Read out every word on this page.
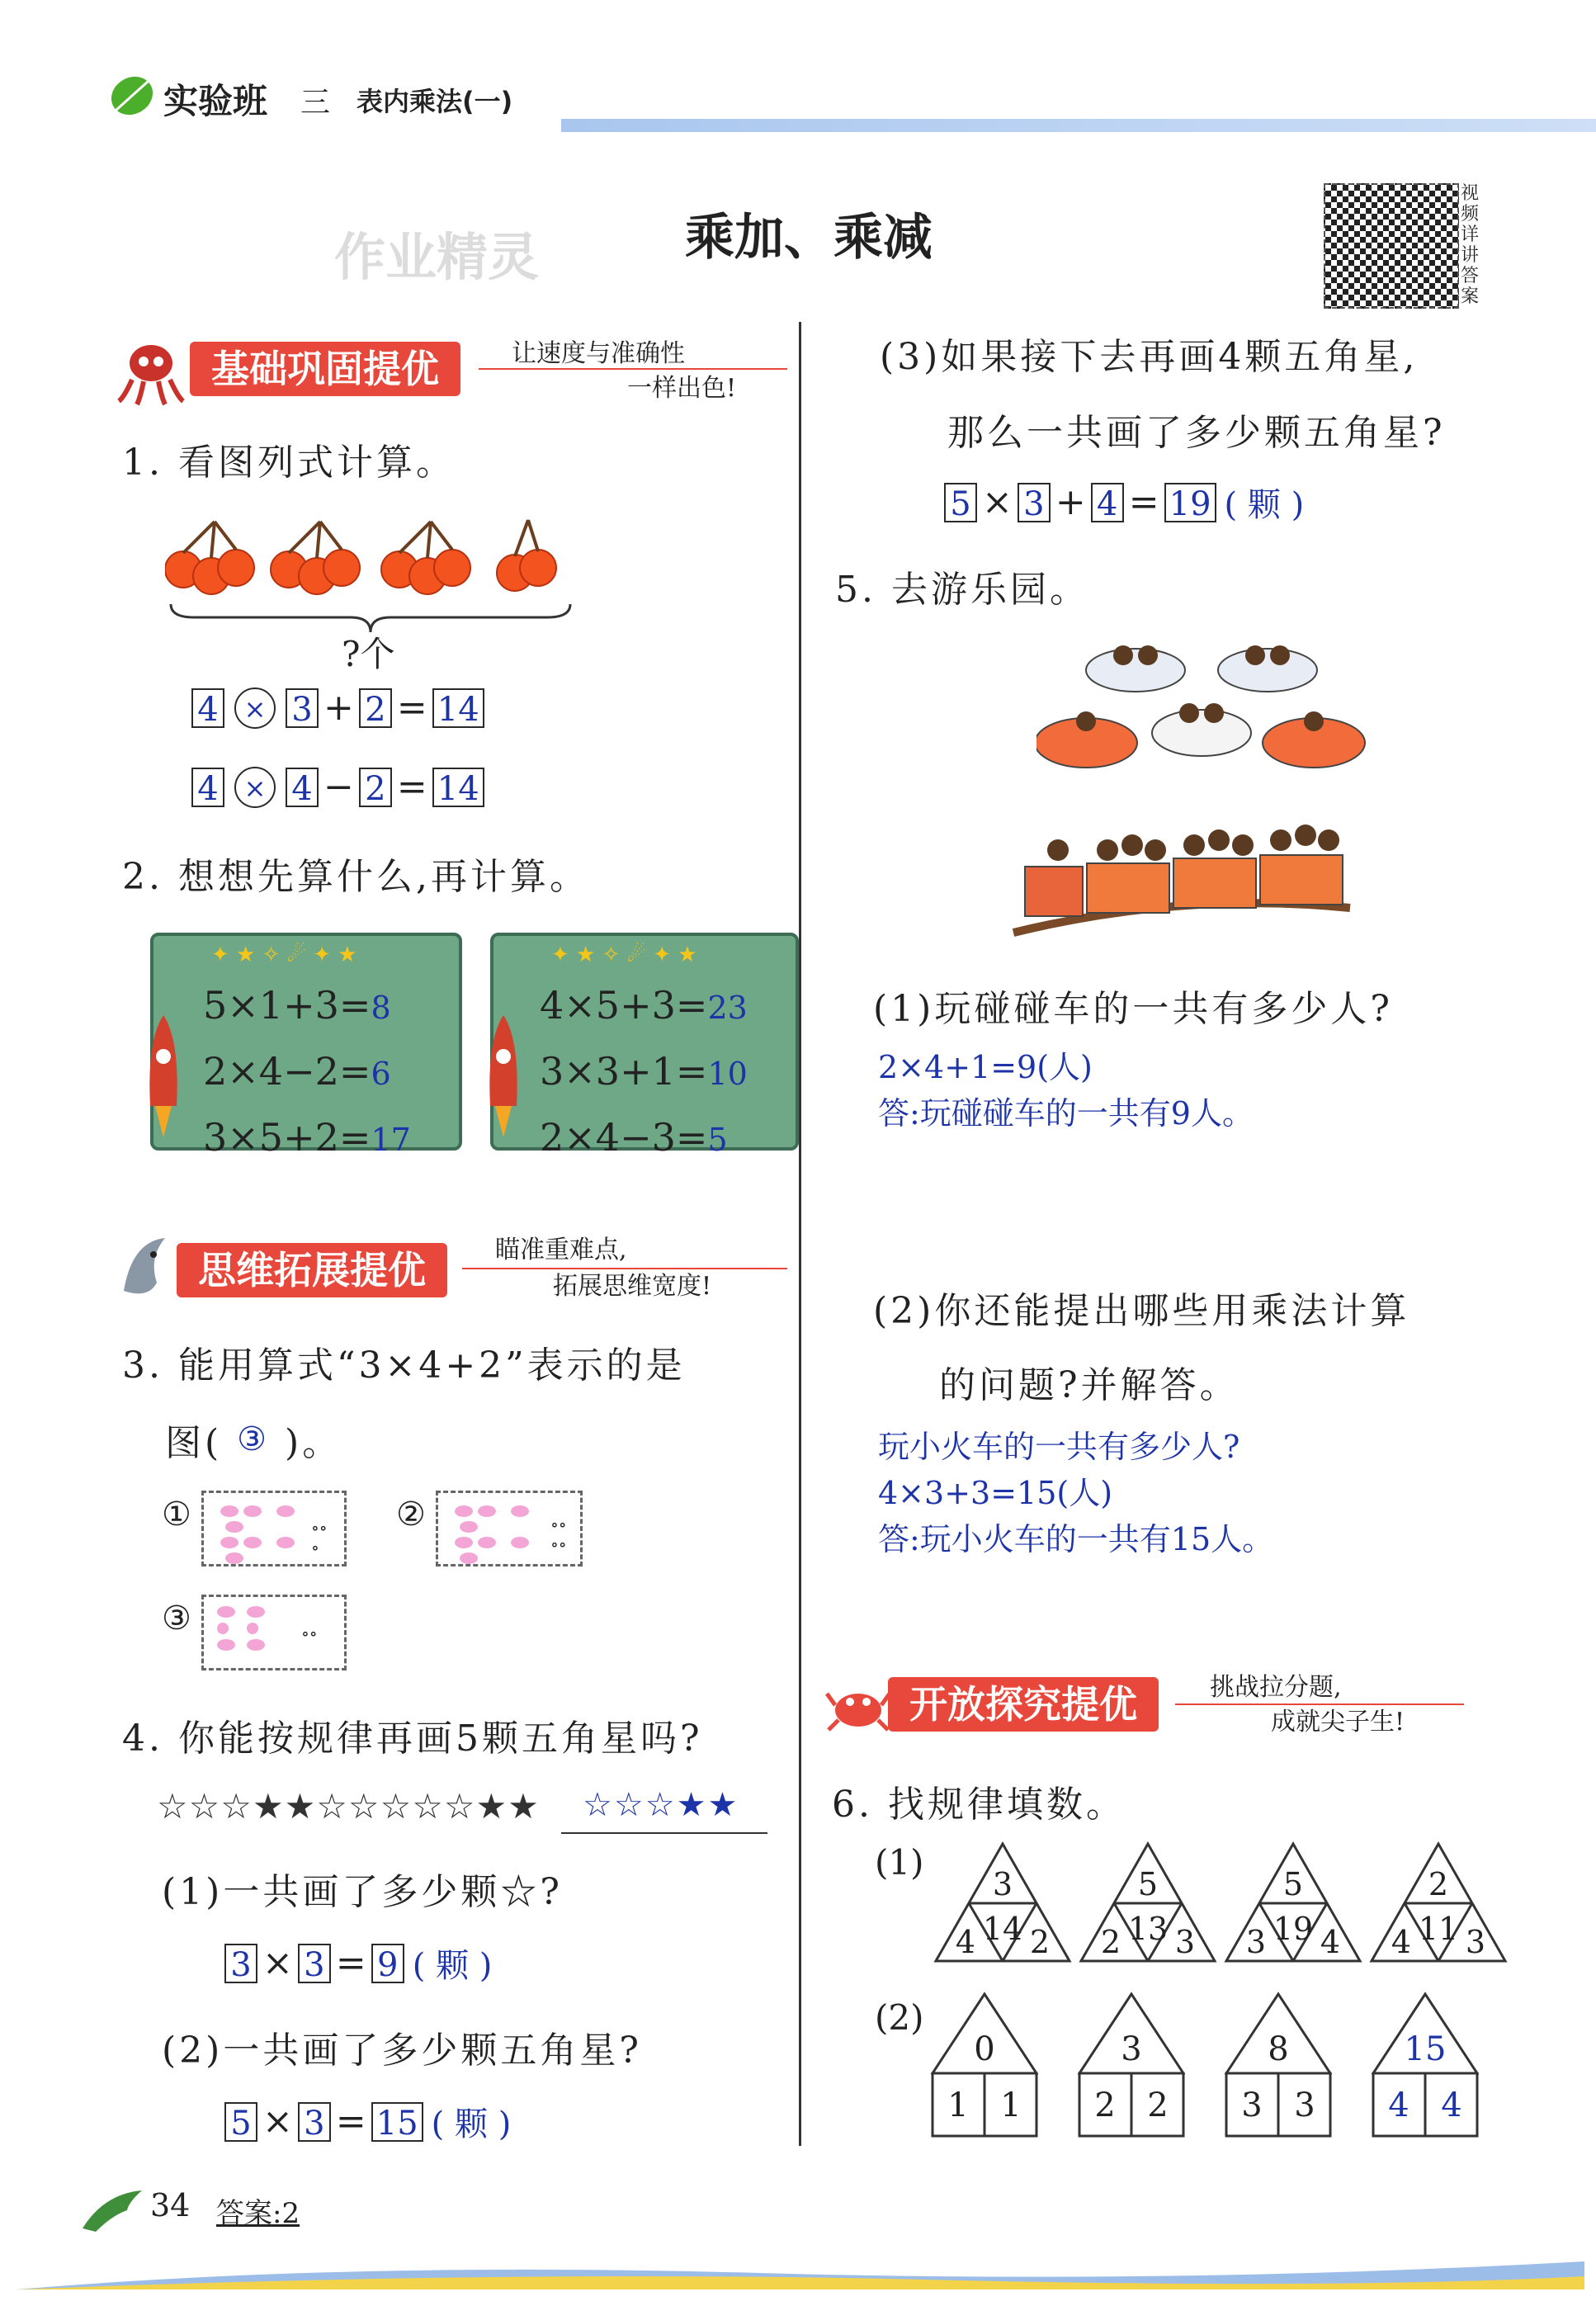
实验班 三 表内乘法(一)
乘加、乘减
作业精灵
视频详讲答案
基础巩固提优	让速度与准确性
一样出色!
1. 看图列式计算。
?个
4 × 3 + 2 = 14
4 × 4 − 2 = 14
2. 想想先算什么,再计算。
✦ ★ ✧ ☄ ✦ ★
5×1+3=8
2×4−2=6
3×5+2=17
✦ ★ ✧ ☄ ✦ ★
4×5+3=23
3×3+1=10
2×4−3=5
思维拓展提优	瞄准重难点,
拓展思维宽度!
3. 能用算式“3×4+2”表示的是
图( ③ )。
①	∘∘
∘
②	∘∘
∘∘
③	∘∘
4. 你能按规律再画5颗五角星吗?
☆☆☆★★☆☆☆☆☆★★ ☆☆☆★★
(1)一共画了多少颗☆?
3 × 3 = 9 ( 颗 )
(2)一共画了多少颗五角星?
5 × 3 = 15 ( 颗 )
(3)如果接下去再画4颗五角星,
那么一共画了多少颗五角星?
5 × 3 + 4 = 19 ( 颗 )
5. 去游乐园。
(1)玩碰碰车的一共有多少人?
2×4+1=9(人)
答:玩碰碰车的一共有9人。
(2)你还能提出哪些用乘法计算
的问题?并解答。
玩小火车的一共有多少人?
4×3+3=15(人)
答:玩小火车的一共有15人。
开放探究提优	挑战拉分题,
成就尖子生!
6. 找规律填数。
(1)
3
4 2
14
5
2 3
13
5
3 4
19
2
4 3
11
(2)
0
1 1
3
2 2
8
3 3
15
4 4
34 答案:2
